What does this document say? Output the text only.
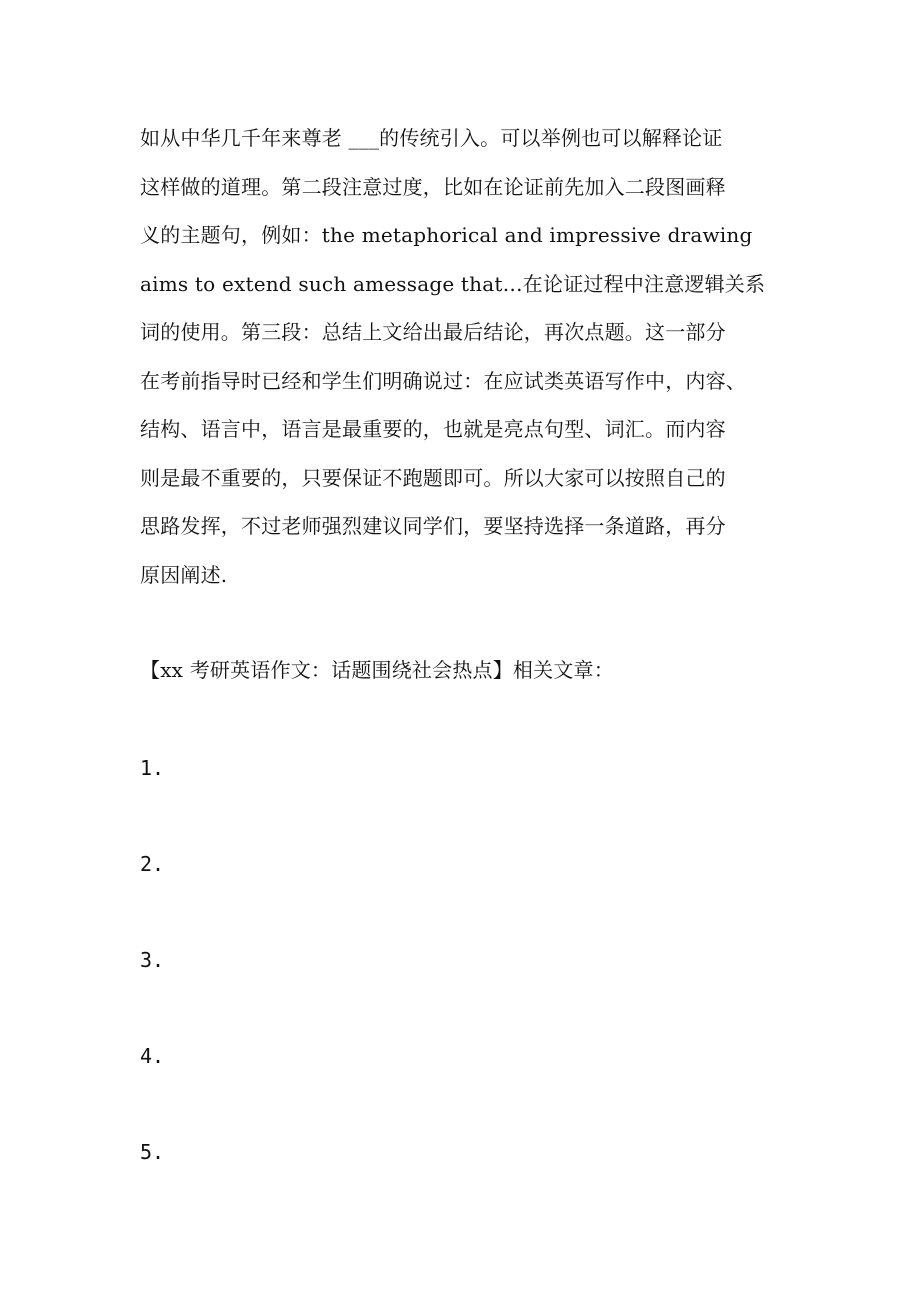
如从中华几千年来尊老 ___的传统引入。可以举例也可以解释论证
这样做的道理。第二段注意过度，比如在论证前先加入二段图画释
义的主题句，例如：the metaphorical and impressive drawing
aims to extend such amessage that…在论证过程中注意逻辑关系
词的使用。第三段：总结上文给出最后结论，再次点题。这一部分
在考前指导时已经和学生们明确说过：在应试类英语写作中，内容、
结构、语言中，语言是最重要的，也就是亮点句型、词汇。而内容
则是最不重要的，只要保证不跑题即可。所以大家可以按照自己的
思路发挥，不过老师强烈建议同学们，要坚持选择一条道路，再分
原因阐述.
【xx 考研英语作文：话题围绕社会热点】相关文章：
1.
2.
3.
4.
5.
